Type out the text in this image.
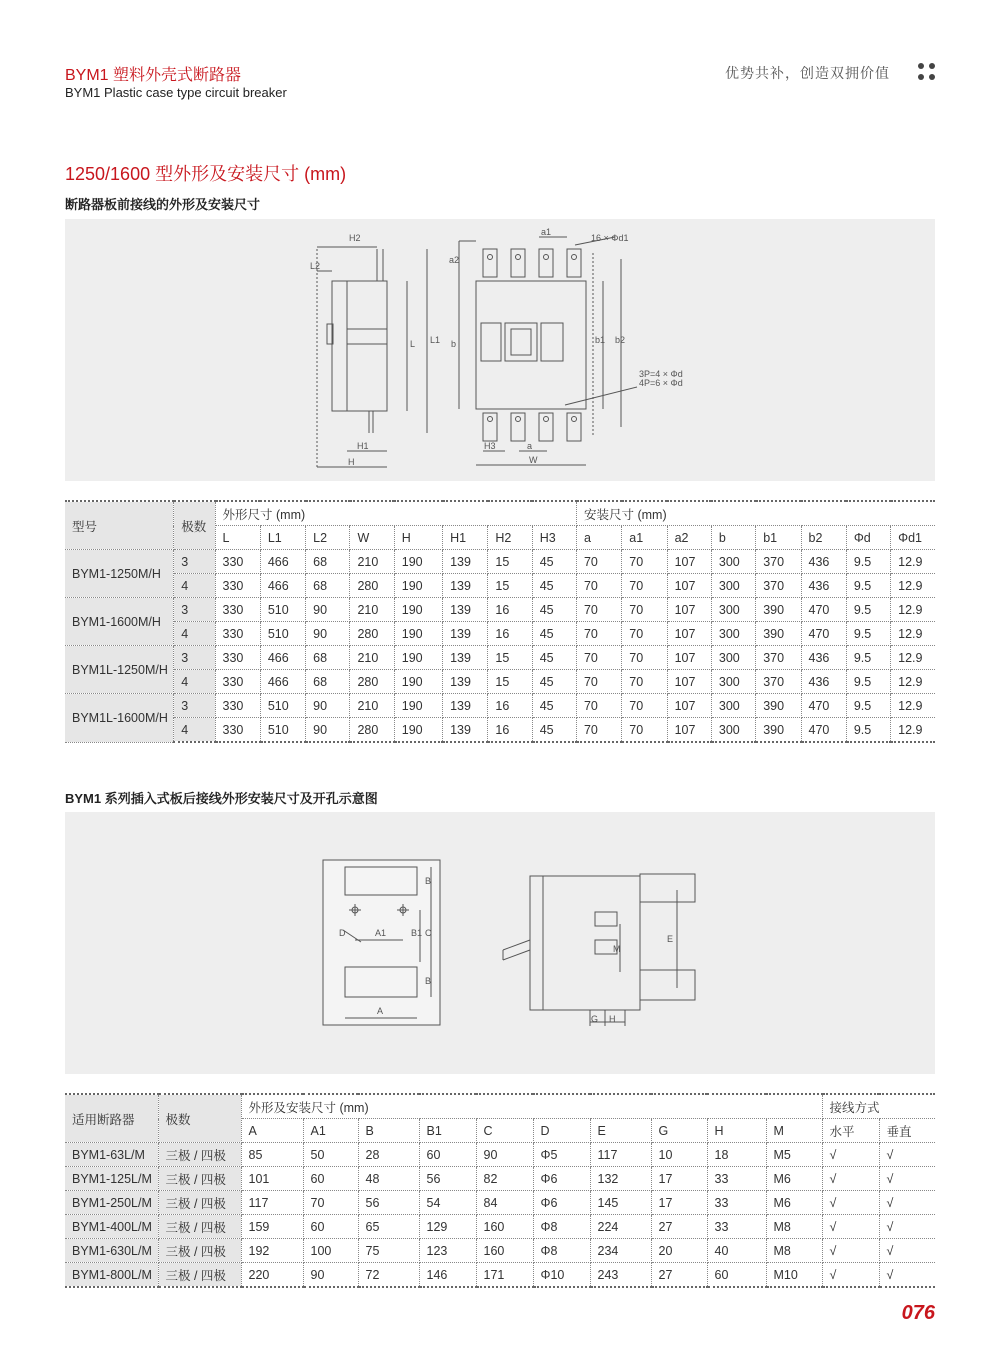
BYM1 塑料外壳式断路器
BYM1 Plastic case type circuit breaker
优势共补，创造双拥价值
1250/1600 型外形及安装尺寸 (mm)
断路器板前接线的外形及安装尺寸
H2
L2
L L1
H1
H
a1
a2
b	b1 b2
H3	a
W
16 × Φd1
3P=4 × Φd
4P=6 × Φd
型号	极数	外形尺寸 (mm)								安装尺寸 (mm)							
		L	L1	L2	W	H	H1	H2	H3	a	a1	a2	b	b1	b2	Φd	Φd1
BYM1-1250M/H	3	330	466	68	210	190	139	15	45	70	70	107	300	370	436	9.5	12.9
	4	330	466	68	280	190	139	15	45	70	70	107	300	370	436	9.5	12.9
BYM1-1600M/H	3	330	510	90	210	190	139	16	45	70	70	107	300	390	470	9.5	12.9
	4	330	510	90	280	190	139	16	45	70	70	107	300	390	470	9.5	12.9
BYM1L-1250M/H	3	330	466	68	210	190	139	15	45	70	70	107	300	370	436	9.5	12.9
	4	330	466	68	280	190	139	15	45	70	70	107	300	370	436	9.5	12.9
BYM1L-1600M/H	3	330	510	90	210	190	139	16	45	70	70	107	300	390	470	9.5	12.9
	4	330	510	90	280	190	139	16	45	70	70	107	300	390	470	9.5	12.9
BYM1 系列插入式板后接线外形安装尺寸及开孔示意图
B
B1 C
D	A1
B
A
M
E
G H
适用断路器	极数	外形及安装尺寸 (mm)										接线方式	
		A	A1	B	B1	C	D	E	G	H	M	水平	垂直
BYM1-63L/M	三极 / 四极	85	50	28	60	90	Φ5	117	10	18	M5	√	√
BYM1-125L/M	三极 / 四极	101	60	48	56	82	Φ6	132	17	33	M6	√	√
BYM1-250L/M	三极 / 四极	117	70	56	54	84	Φ6	145	17	33	M6	√	√
BYM1-400L/M	三极 / 四极	159	60	65	129	160	Φ8	224	27	33	M8	√	√
BYM1-630L/M	三极 / 四极	192	100	75	123	160	Φ8	234	20	40	M8	√	√
BYM1-800L/M	三极 / 四极	220	90	72	146	171	Φ10	243	27	60	M10	√	√
076
